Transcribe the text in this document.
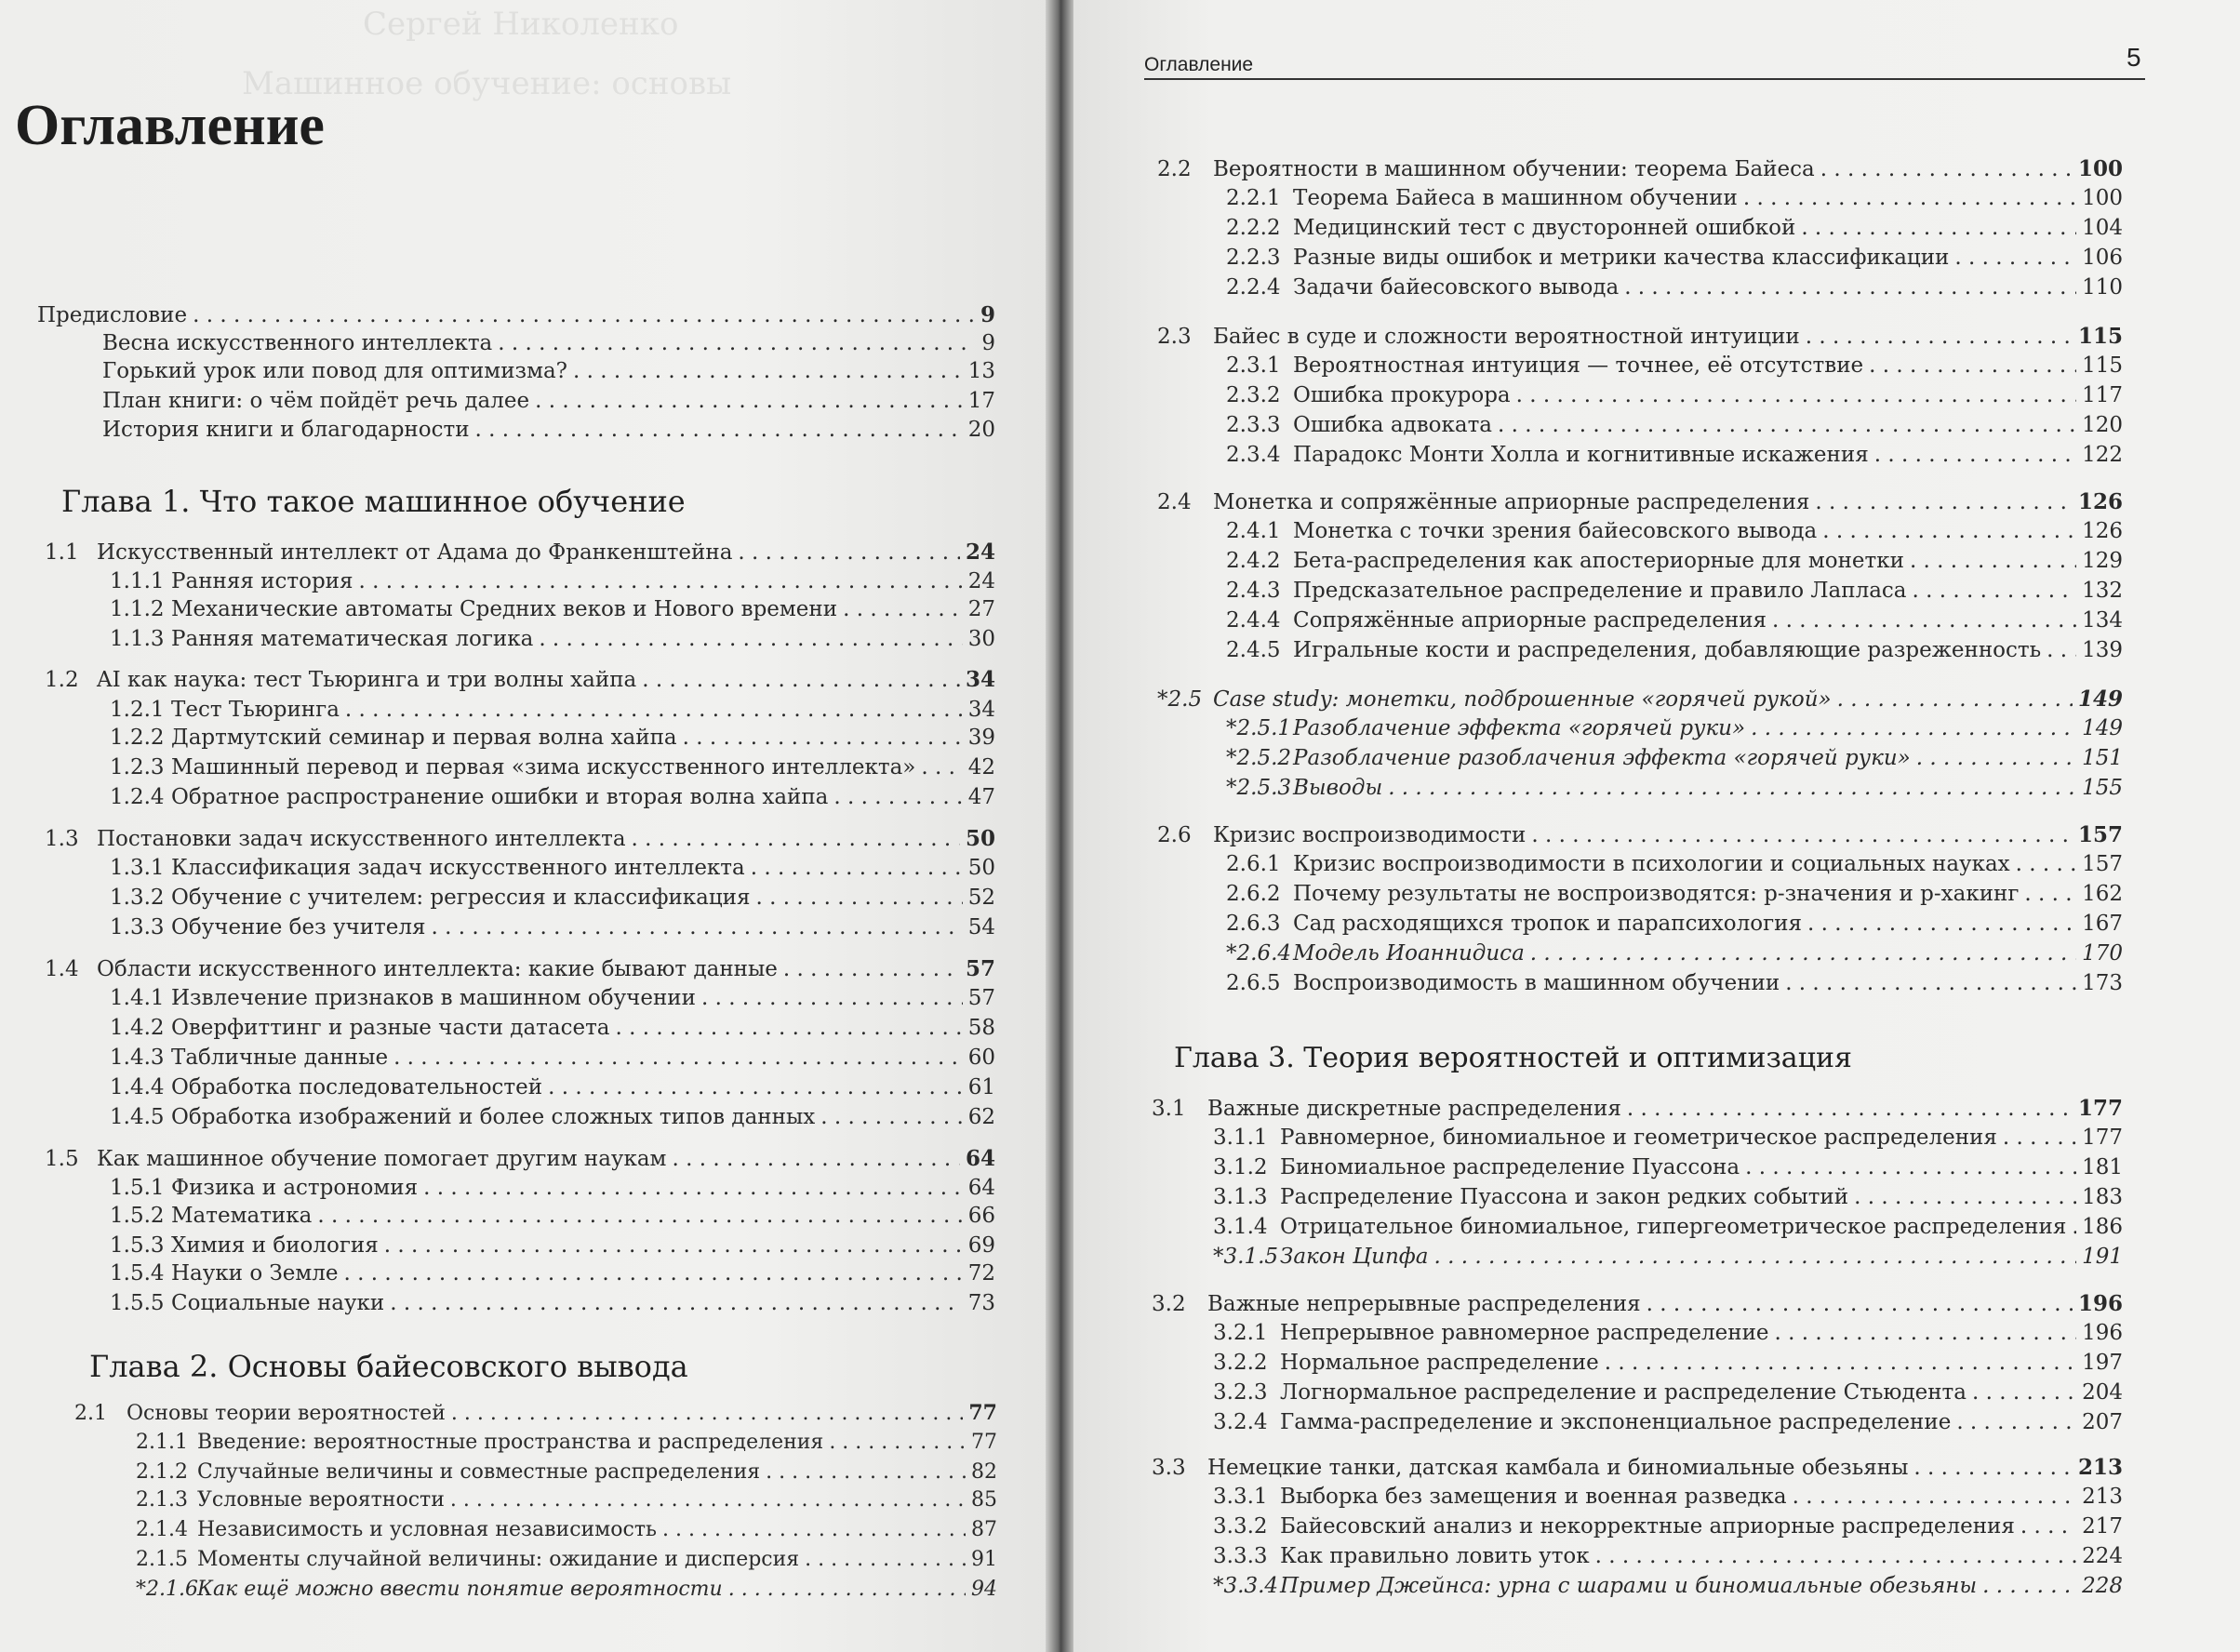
Сергей Николенко
Машинное обучение: основы
Оглавление
Предисловие . . .	9
Весна искусственного интеллекта . . .	9
Горький урок или повод для оптимизма? . . .	13
План книги: о чём пойдёт речь далее . . .	17
История книги и благодарности . . .	20
Глава 1. Что такое машинное обучение
1.1 Искусственный интеллект от Адама до Франкенштейна . . .	24
1.1.1 Ранняя история . . .	24
1.1.2 Механические автоматы Средних веков и Нового времени . . .	27
1.1.3 Ранняя математическая логика . . .	30
1.2 AI как наука: тест Тьюринга и три волны хайпа . . .	34
1.2.1 Тест Тьюринга . . .	34
1.2.2 Дартмутский семинар и первая волна хайпа . . .	39
1.2.3 Машинный перевод и первая «зима искусственного интеллекта» . . . 42
1.2.4 Обратное распространение ошибки и вторая волна хайпа . . .	47
1.3 Постановки задач искусственного интеллекта . . .	50
1.3.1 Классификация задач искусственного интеллекта . . .	50
1.3.2 Обучение с учителем: регрессия и классификация . . .	52
1.3.3 Обучение без учителя . . .	54
1.4 Области искусственного интеллекта: какие бывают данные . . .	57
1.4.1 Извлечение признаков в машинном обучении . . .	57
1.4.2 Оверфиттинг и разные части датасета . . .	58
1.4.3 Табличные данные . . .	60
1.4.4 Обработка последовательностей . . .	61
1.4.5 Обработка изображений и более сложных типов данных . . .	62
1.5 Как машинное обучение помогает другим наукам . . .	64
1.5.1 Физика и астрономия . . .	64
1.5.2 Математика . . .	66
1.5.3 Химия и биология . . .	69
1.5.4 Науки о Земле . . .	72
1.5.5 Социальные науки . . .	73
Глава 2. Основы байесовского вывода
2.1 Основы теории вероятностей . . .	77
2.1.1 Введение: вероятностные пространства и распределения . . .	77
2.1.2 Случайные величины и совместные распределения . . .	82
2.1.3 Условные вероятности . . .	85
2.1.4 Независимость и условная независимость . . .	87
2.1.5 Моменты случайной величины: ожидание и дисперсия . . .	91
*2.1.6 Как ещё можно ввести понятие вероятности . . .	94
Оглавление	5
2.2	Вероятности в машинном обучении: теорема Байеса . . .	100
2.2.1 Теорема Байеса в машинном обучении . . .	100
2.2.2 Медицинский тест с двусторонней ошибкой . . .	104
2.2.3 Разные виды ошибок и метрики качества классификации . . .	106
2.2.4 Задачи байесовского вывода . . .	110
2.3	Байес в суде и сложности вероятностной интуиции . . .	115
2.3.1 Вероятностная интуиция — точнее, её отсутствие . . .	115
2.3.2 Ошибка прокурора . . .	117
2.3.3 Ошибка адвоката . . .	120
2.3.4 Парадокс Монти Холла и когнитивные искажения . . .	122
2.4	Монетка и сопряжённые априорные распределения . . .	126
2.4.1 Монетка с точки зрения байесовского вывода . . .	126
2.4.2 Бета-распределения как апостериорные для монетки . . .	129
2.4.3 Предсказательное распределение и правило Лапласа . . .	132
2.4.4 Сопряжённые априорные распределения . . .	134
2.4.5 Игральные кости и распределения, добавляющие разреженность . . . 139
*2.5 Case study: монетки, подброшенные «горячей рукой» . . .	149
*2.5.1 Разоблачение эффекта «горячей руки» . . .	149
*2.5.2 Разоблачение разоблачения эффекта «горячей руки» . . .	151
*2.5.3 Выводы . . .	155
2.6	Кризис воспроизводимости . . .	157
2.6.1 Кризис воспроизводимости в психологии и социальных науках . . .	157
2.6.2 Почему результаты не воспроизводятся: p-значения и p-хакинг . . .	162
2.6.3 Сад расходящихся тропок и парапсихология . . .	167
*2.6.4 Модель Иоаннидиса . . .	170
2.6.5 Воспроизводимость в машинном обучении . . .	173
Глава 3. Теория вероятностей и оптимизация
3.1	Важные дискретные распределения . . .	177
3.1.1 Равномерное, биномиальное и геометрическое распределения . . .	177
3.1.2 Биномиальное распределение Пуассона . . .	181
3.1.3 Распределение Пуассона и закон редких событий . . .	183
3.1.4 Отрицательное биномиальное, гипергеометрическое распределения . . . 186
*3.1.5 Закон Ципфа . . .	191
3.2	Важные непрерывные распределения . . .	196
3.2.1 Непрерывное равномерное распределение . . .	196
3.2.2 Нормальное распределение . . .	197
3.2.3 Логнормальное распределение и распределение Стьюдента . . .	204
3.2.4 Гамма-распределение и экспоненциальное распределение . . .	207
3.3	Немецкие танки, датская камбала и биномиальные обезьяны . . .	213
3.3.1 Выборка без замещения и военная разведка . . .	213
3.3.2 Байесовский анализ и некорректные априорные распределения . . .	217
3.3.3 Как правильно ловить уток . . .	224
*3.3.4 Пример Джейнса: урна с шарами и биномиальные обезьяны . . .	228
